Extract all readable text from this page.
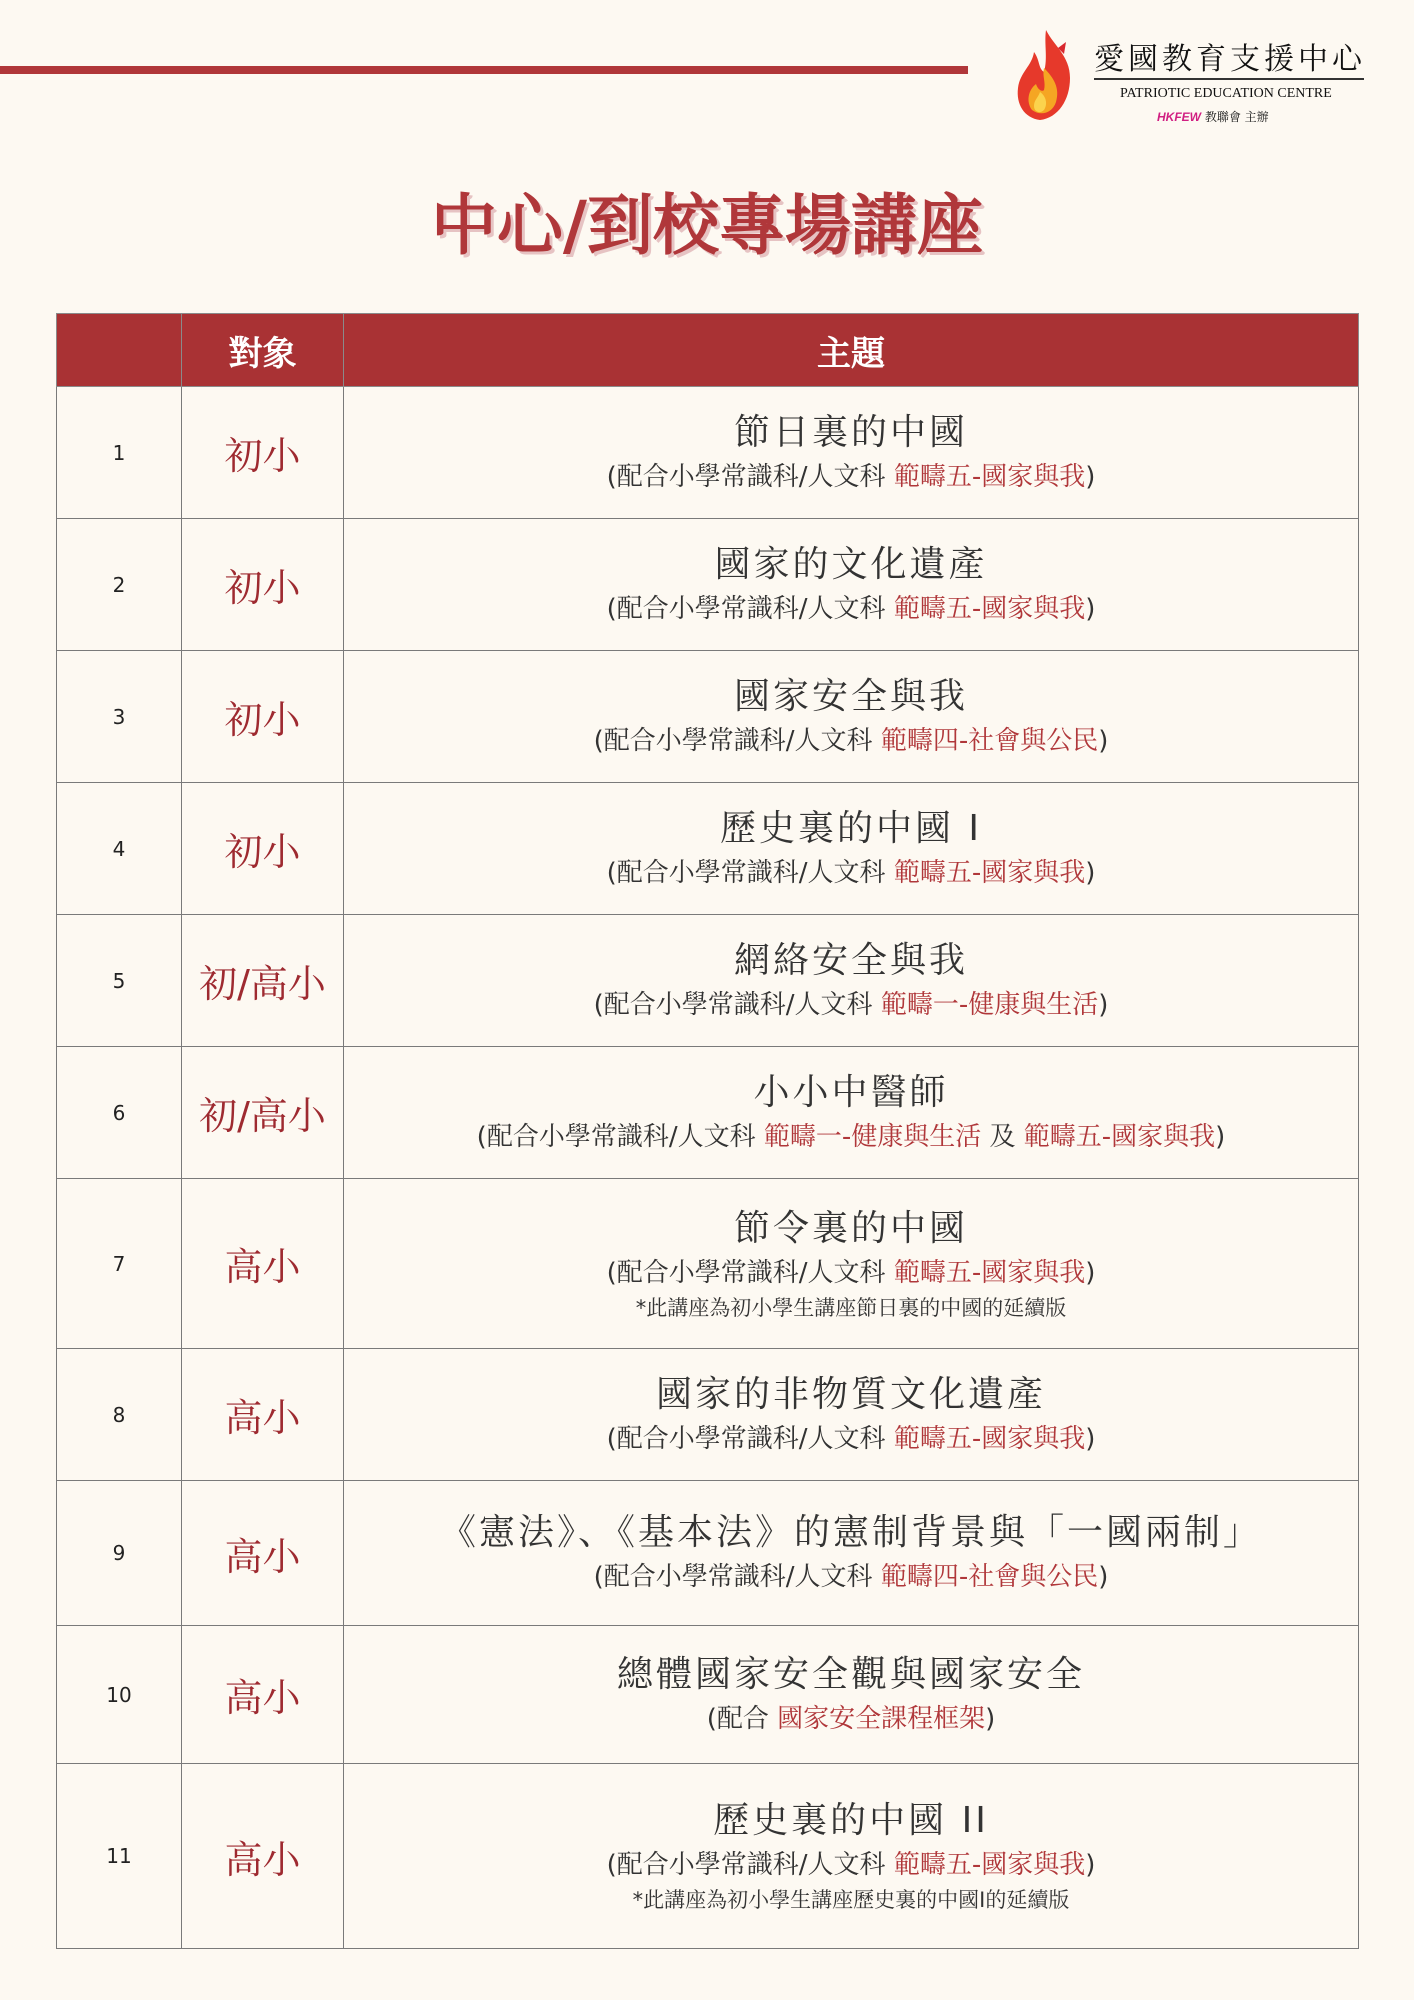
愛國教育支援中心
PATRIOTIC EDUCATION CENTRE
HKFEW 教聯會 主辦
中心/到校專場講座
	對象	主題
1	初小	節日裏的中國
(配合小學常識科/人文科 範疇五-國家與我)

2	初小	國家的文化遺產
(配合小學常識科/人文科 範疇五-國家與我)

3	初小	國家安全與我
(配合小學常識科/人文科 範疇四-社會與公民)

4	初小	歷史裏的中國 I
(配合小學常識科/人文科 範疇五-國家與我)

5	初/高小	網絡安全與我
(配合小學常識科/人文科 範疇一-健康與生活)

6	初/高小	小小中醫師
(配合小學常識科/人文科 範疇一-健康與生活 及 範疇五-國家與我)

7	高小	節令裏的中國
(配合小學常識科/人文科 範疇五-國家與我)
*此講座為初小學生講座節日裏的中國的延續版

8	高小	國家的非物質文化遺產
(配合小學常識科/人文科 範疇五-國家與我)

9	高小	《憲法》、《基本法》的憲制背景與「一國兩制」
(配合小學常識科/人文科 範疇四-社會與公民)

10	高小	總體國家安全觀與國家安全
(配合 國家安全課程框架)

11	高小	歷史裏的中國 II
(配合小學常識科/人文科 範疇五-國家與我)
*此講座為初小學生講座歷史裏的中國I的延續版
